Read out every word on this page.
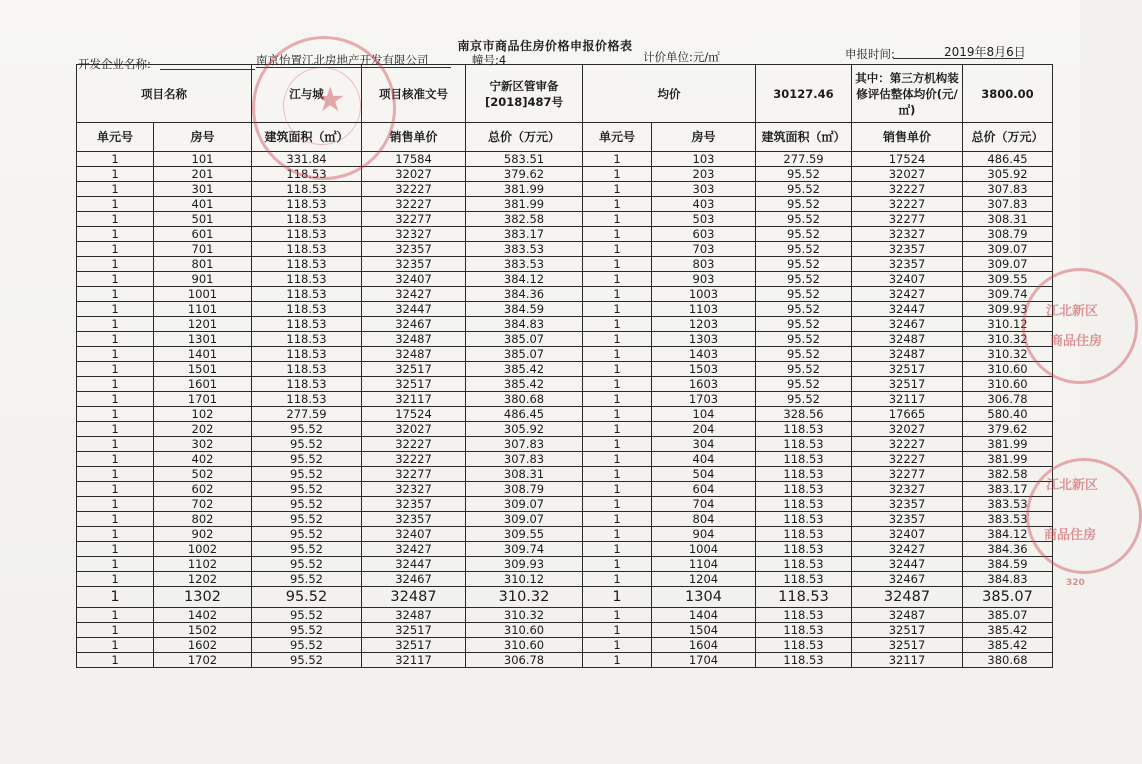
南京市商品住房价格申报价格表
开发企业名称:	南京怡置江北房地产开发有限公司	幢号:4	计价单位:元/㎡	申报时间:	2019年8月6日
项目名称		江与城	项目核准文号	宁新区管审备[2018]487号	均价		30127.46	其中：第三方机构装修评估整体均价(元/㎡)	3800.00
单元号	房号	建筑面积（㎡）	销售单价	总价（万元）	单元号	房号	建筑面积（㎡）	销售单价	总价（万元）
1	101	331.84	17584	583.51	1	103	277.59	17524	486.45
1	201	118.53	32027	379.62	1	203	95.52	32027	305.92
1	301	118.53	32227	381.99	1	303	95.52	32227	307.83
1	401	118.53	32227	381.99	1	403	95.52	32227	307.83
1	501	118.53	32277	382.58	1	503	95.52	32277	308.31
1	601	118.53	32327	383.17	1	603	95.52	32327	308.79
1	701	118.53	32357	383.53	1	703	95.52	32357	309.07
1	801	118.53	32357	383.53	1	803	95.52	32357	309.07
1	901	118.53	32407	384.12	1	903	95.52	32407	309.55
1	1001	118.53	32427	384.36	1	1003	95.52	32427	309.74
1	1101	118.53	32447	384.59	1	1103	95.52	32447	309.93
1	1201	118.53	32467	384.83	1	1203	95.52	32467	310.12
1	1301	118.53	32487	385.07	1	1303	95.52	32487	310.32
1	1401	118.53	32487	385.07	1	1403	95.52	32487	310.32
1	1501	118.53	32517	385.42	1	1503	95.52	32517	310.60
1	1601	118.53	32517	385.42	1	1603	95.52	32517	310.60
1	1701	118.53	32117	380.68	1	1703	95.52	32117	306.78
1	102	277.59	17524	486.45	1	104	328.56	17665	580.40
1	202	95.52	32027	305.92	1	204	118.53	32027	379.62
1	302	95.52	32227	307.83	1	304	118.53	32227	381.99
1	402	95.52	32227	307.83	1	404	118.53	32227	381.99
1	502	95.52	32277	308.31	1	504	118.53	32277	382.58
1	602	95.52	32327	308.79	1	604	118.53	32327	383.17
1	702	95.52	32357	309.07	1	704	118.53	32357	383.53
1	802	95.52	32357	309.07	1	804	118.53	32357	383.53
1	902	95.52	32407	309.55	1	904	118.53	32407	384.12
1	1002	95.52	32427	309.74	1	1004	118.53	32427	384.36
1	1102	95.52	32447	309.93	1	1104	118.53	32447	384.59
1	1202	95.52	32467	310.12	1	1204	118.53	32467	384.83
1	1302	95.52	32487	310.32	1	1304	118.53	32487	385.07
1	1402	95.52	32487	310.32	1	1404	118.53	32487	385.07
1	1502	95.52	32517	310.60	1	1504	118.53	32517	385.42
1	1602	95.52	32517	310.60	1	1604	118.53	32517	385.42
1	1702	95.52	32117	306.78	1	1704	118.53	32117	380.68
★
江北新区
商品住房
江北新区
商品住房
320
